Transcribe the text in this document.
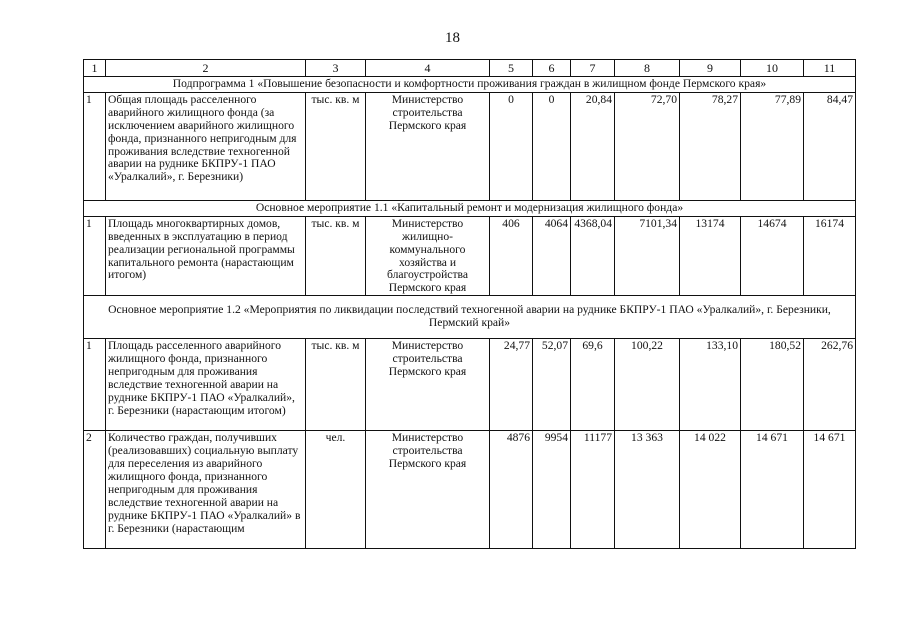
18
1	2	3	4	5	6	7	8	9	10	11
Подпрограмма 1 «Повышение безопасности и комфортности проживания граждан в жилищном фонде Пермского края»										
1	Общая площадь расселенного аварийного жилищного фонда (за исключением аварийного жилищного фонда, признанного непригодным для проживания вследствие техногенной аварии на руднике БКПРУ-1 ПАО «Уралкалий», г. Березники)	тыс. кв. м	Министерство строительства Пермского края	0	0	20,84	72,70	78,27	77,89	84,47
Основное мероприятие 1.1 «Капитальный ремонт и модернизация жилищного фонда»										
1	Площадь многоквартирных домов, введенных в эксплуатацию в период реализации региональной программы капитального ремонта (нарастающим итогом)	тыс. кв. м	Министерство жилищно-коммунального хозяйства и благоустройства Пермского края	406	4064	4368,04	7101,34	13174	14674	16174
Основное мероприятие 1.2 «Мероприятия по ликвидации последствий техногенной аварии на руднике БКПРУ-1 ПАО «Уралкалий», г. Березники, Пермский край»										
1	Площадь расселенного аварийного жилищного фонда, признанного непригодным для проживания вследствие техногенной аварии на руднике БКПРУ-1 ПАО «Уралкалий», г. Березники (нарастающим итогом)	тыс. кв. м	Министерство строительства Пермского края	24,77	52,07	69,6	100,22	133,10	180,52	262,76
2	Количество граждан, получивших (реализовавших) социальную выплату для переселения из аварийного жилищного фонда, признанного непригодным для проживания вследствие техногенной аварии на руднике БКПРУ-1 ПАО «Уралкалий» в г. Березники (нарастающим	чел.	Министерство строительства Пермского края	4876	9954	11177	13 363	14 022	14 671	14 671
